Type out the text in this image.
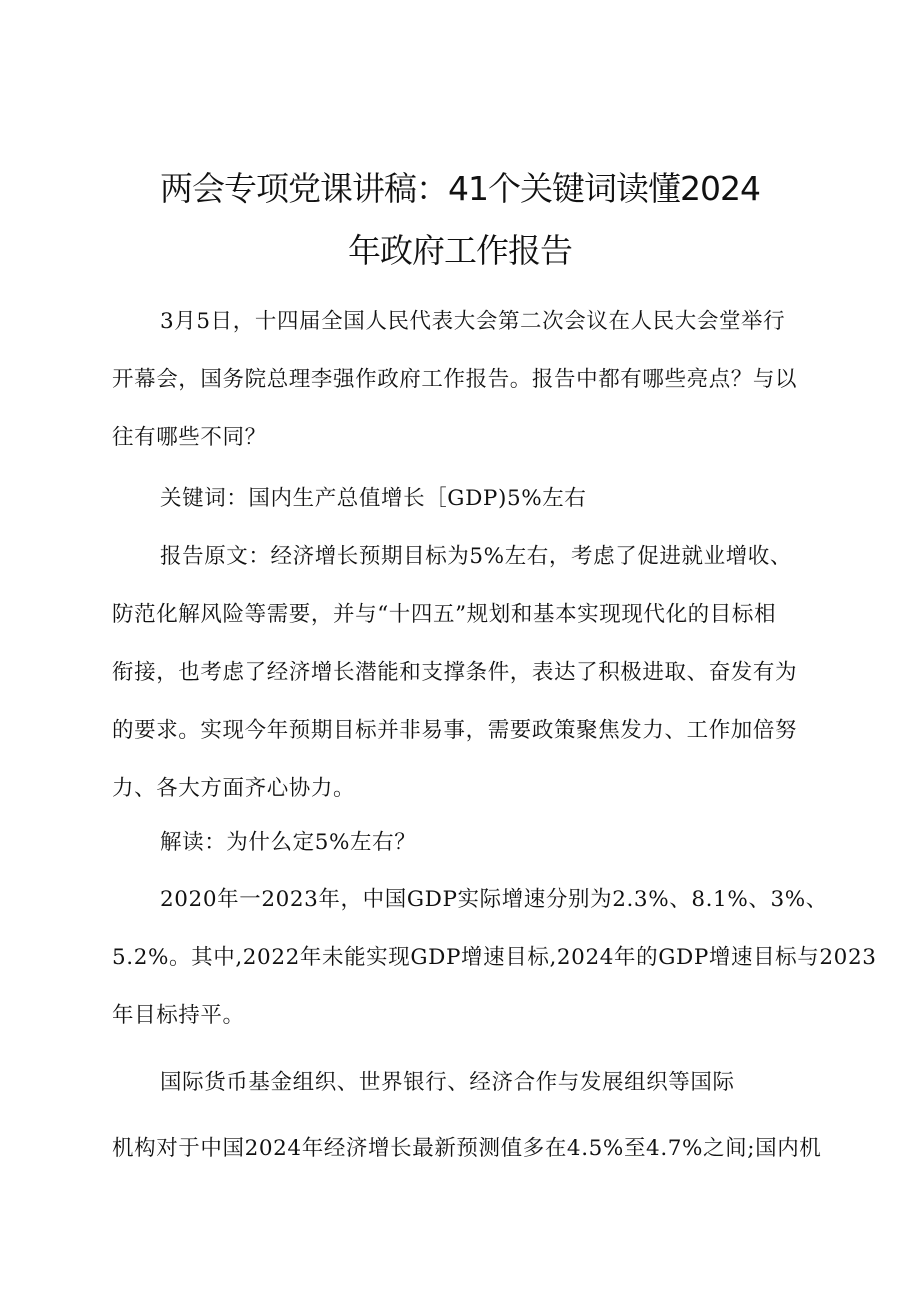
两会专项党课讲稿：41个关键词读懂2024
年政府工作报告

3月5日，十四届全国人民代表大会第二次会议在人民大会堂举行
开幕会，国务院总理李强作政府工作报告。报告中都有哪些亮点？与以
往有哪些不同？

关键词：国内生产总值增长［GDP)5%左右

报告原文：经济增长预期目标为5%左右，考虑了促进就业增收、
防范化解风险等需要，并与“十四五”规划和基本实现现代化的目标相
衔接，也考虑了经济增长潜能和支撑条件，表达了积极进取、奋发有为
的要求。实现今年预期目标并非易事，需要政策聚焦发力、工作加倍努
力、各大方面齐心协力。

解读：为什么定5%左右？

2020年一2023年，中国GDP实际增速分别为2.3%、8.1%、3%、
5.2%。其中,2022年未能实现GDP增速目标,2024年的GDP增速目标与2023
年目标持平。

国际货币基金组织、世界银行、经济合作与发展组织等国际
机构对于中国2024年经济增长最新预测值多在4.5%至4.7%之间;国内机
